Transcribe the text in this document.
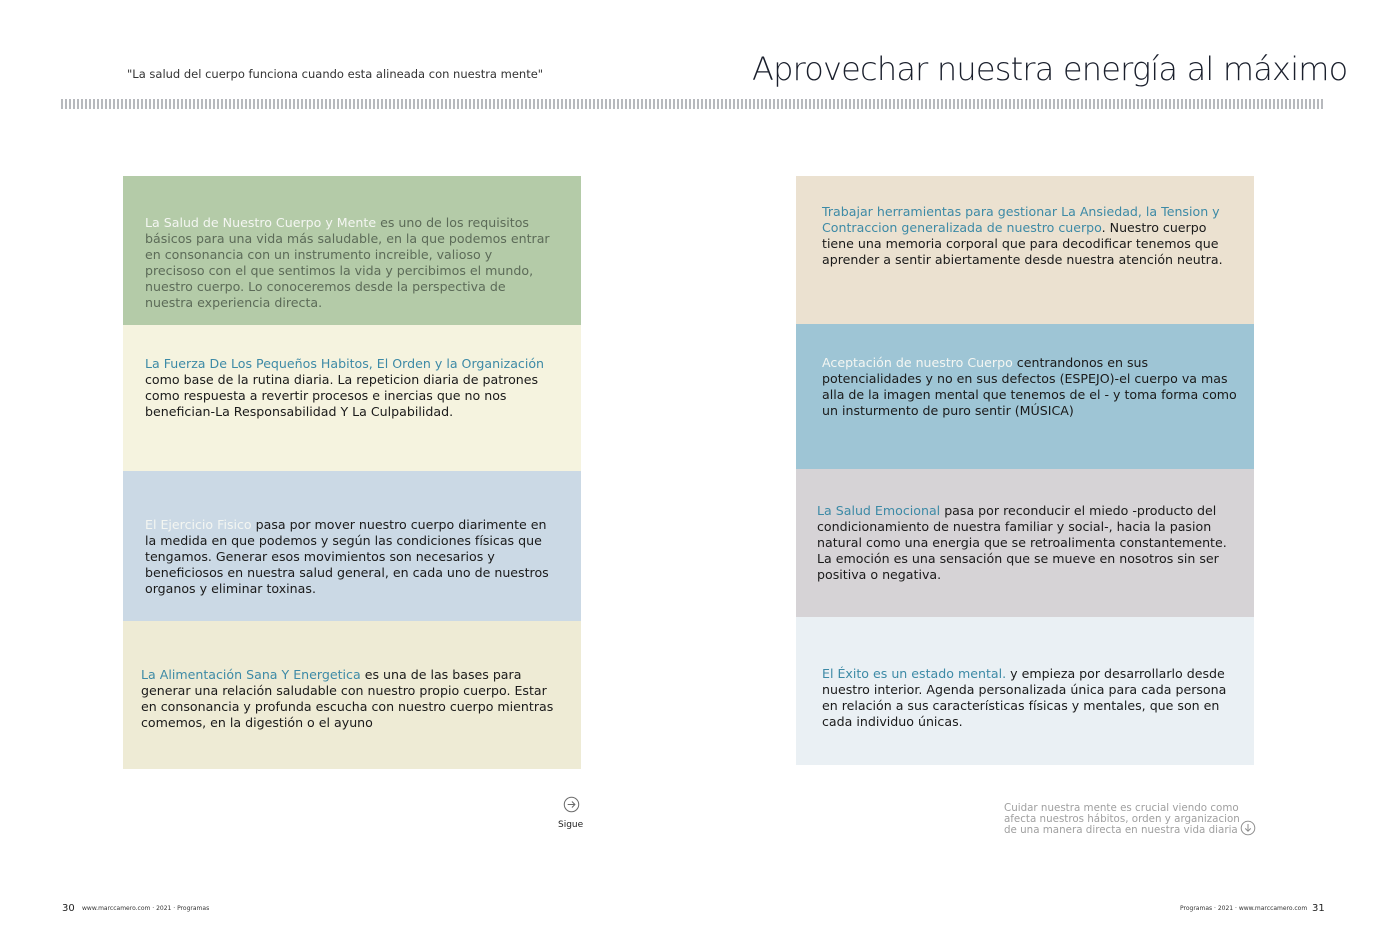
"La salud del cuerpo funciona cuando esta alineada con nuestra mente"	Aprovechar nuestra energía al máximo

La Salud de Nuestro Cuerpo y Mente es uno de los requisitos básicos para una vida más saludable, en la que podemos entrar en consonancia con un instrumento increible, valioso y precisoso con el que sentimos la vida y percibimos el mundo, nuestro cuerpo. Lo conoceremos desde la perspectiva de nuestra experiencia directa.

La Fuerza De Los Pequeños Habitos, El Orden y la Organización como base de la rutina diaria. La repeticion diaria de patrones como respuesta a revertir procesos e inercias que no nos benefician-La Responsabilidad Y La Culpabilidad.

El Ejercicio Fisico pasa por mover nuestro cuerpo diarimente en la medida en que podemos y según las condiciones físicas que tengamos. Generar esos movimientos son necesarios y beneficiosos en nuestra salud general, en cada uno de nuestros organos y eliminar toxinas.

La Alimentación Sana Y Energetica es una de las bases para generar una relación saludable con nuestro propio cuerpo. Estar en consonancia y profunda escucha con nuestro cuerpo mientras comemos, en la digestión o el ayuno

Trabajar herramientas para gestionar La Ansiedad, la Tension y Contraccion generalizada de nuestro cuerpo. Nuestro cuerpo tiene una memoria corporal que para decodificar tenemos que aprender a sentir abiertamente desde nuestra atención neutra.

Aceptación de nuestro Cuerpo centrandonos en sus potencialidades y no en sus defectos (ESPEJO)-el cuerpo va mas alla de la imagen mental que tenemos de el - y toma forma como un insturmento de puro sentir (MÚSICA)

La Salud Emocional pasa por reconducir el miedo -producto del condicionamiento de nuestra familiar y social-, hacia la pasion natural como una energia que se retroalimenta constantemente. La emoción es una sensación que se mueve en nosotros sin ser positiva o negativa.

El Éxito es un estado mental. y empieza por desarrollarlo desde nuestro interior. Agenda personalizada única para cada persona en relación a sus características físicas y mentales, que son en cada individuo únicas.

Sigue
Cuidar nuestra mente es crucial viendo como afecta nuestros hábitos, orden y arganizacion de una manera directa en nuestra vida diaria
30 www.marccamero.com · 2021 · Programas	Programas · 2021 · www.marccamero.com 31
